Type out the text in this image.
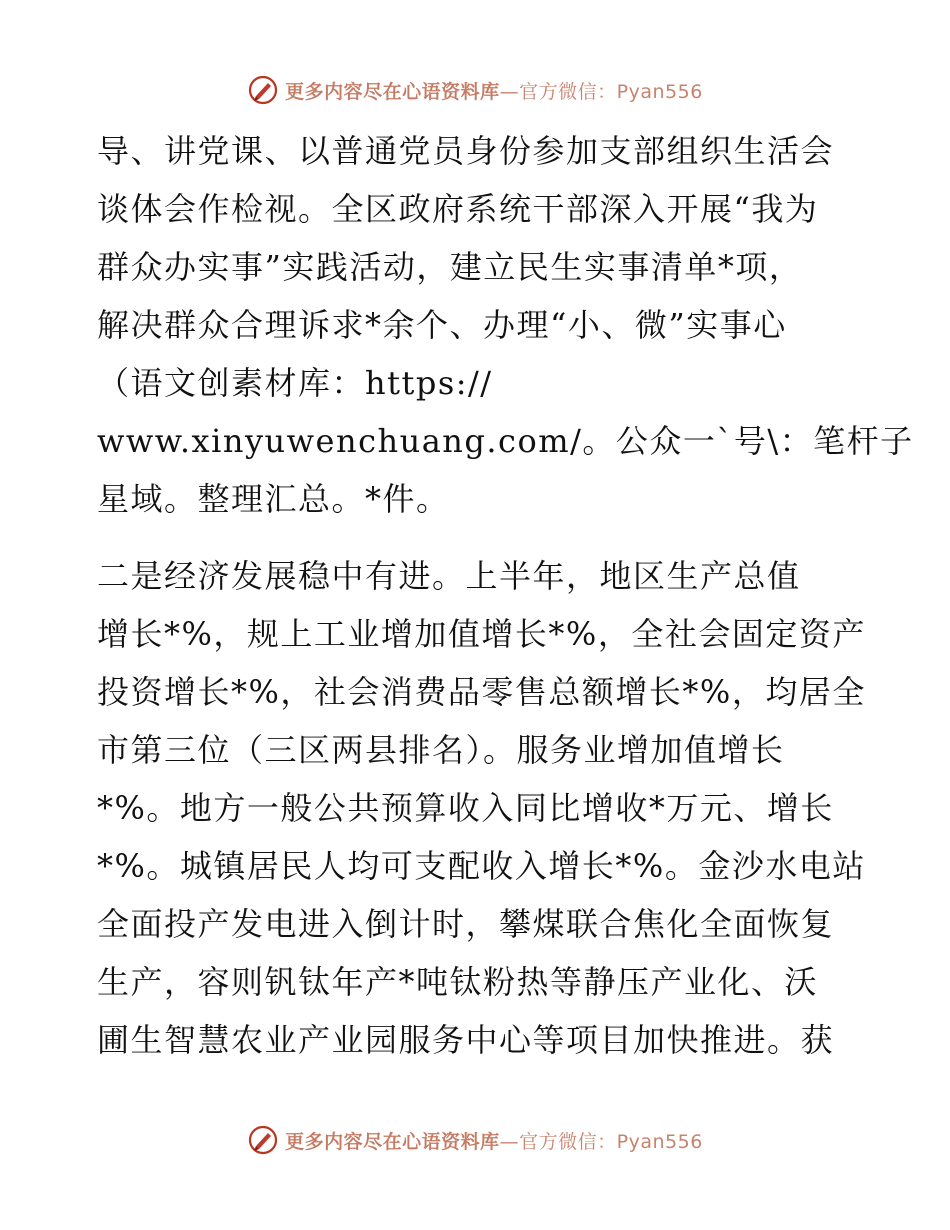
更多内容尽在心语资料库—官方微信：Pyan556
导、讲党课、以普通党员身份参加支部组织生活会
谈体会作检视。全区政府系统干部深入开展“我为
群众办实事”实践活动，建立民生实事清单*项，
解决群众合理诉求*余个、办理“小、微”实事心
（语文创素材库：https://
www.xinyuwenchuang.com/。公众一`号\：笔杆子
星域。整理汇总。*件。
二是经济发展稳中有进。上半年，地区生产总值
增长*%，规上工业增加值增长*%，全社会固定资产
投资增长*%，社会消费品零售总额增长*%，均居全
市第三位（三区两县排名）。服务业增加值增长
*%。地方一般公共预算收入同比增收*万元、增长
*%。城镇居民人均可支配收入增长*%。金沙水电站
全面投产发电进入倒计时，攀煤联合焦化全面恢复
生产，容则钒钛年产*吨钛粉热等静压产业化、沃
圃生智慧农业产业园服务中心等项目加快推进。获
更多内容尽在心语资料库—官方微信：Pyan556
